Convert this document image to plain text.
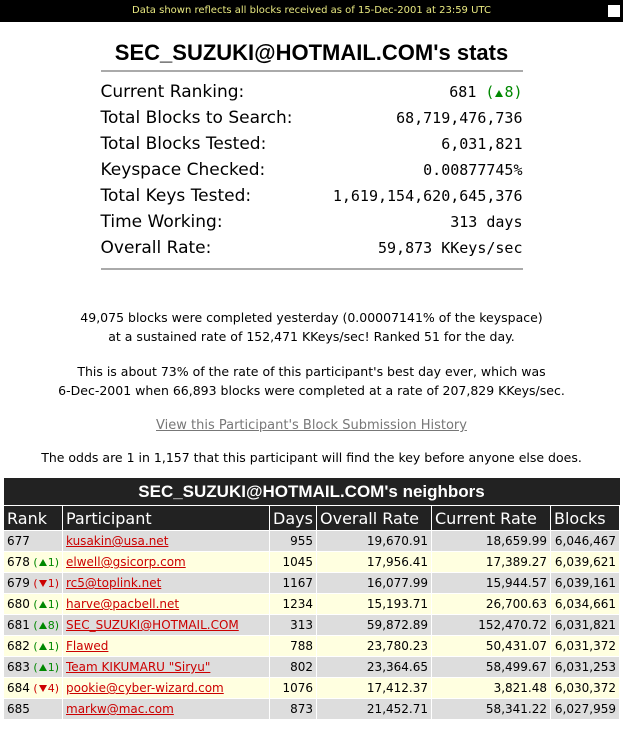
Data shown reflects all blocks received as of 15-Dec-2001 at 23:59 UTC
SEC_SUZUKI@HOTMAIL.COM's stats
Current Ranking:	681 ( 8)
Total Blocks to Search:	68,719,476,736
Total Blocks Tested:	6,031,821
Keyspace Checked:	0.00877745%
Total Keys Tested:	1,619,154,620,645,376
Time Working:	313 days
Overall Rate:	59,873 KKeys/sec
49,075 blocks were completed yesterday (0.00007141% of the keyspace)
at a sustained rate of 152,471 KKeys/sec! Ranked 51 for the day.
This is about 73% of the rate of this participant's best day ever, which was
6-Dec-2001 when 66,893 blocks were completed at a rate of 207,829 KKeys/sec.
View this Participant's Block Submission History
The odds are 1 in 1,157 that this participant will find the key before anyone else does.
SEC_SUZUKI@HOTMAIL.COM's neighbors					
Rank	Participant	Days	Overall Rate	Current Rate	Blocks
677	kusakin@usa.net	955	19,670.91	18,659.99	6,046,467
678 ( 1)	elwell@gsicorp.com	1045	17,956.41	17,389.27	6,039,621
679 ( 1)	rc5@toplink.net	1167	16,077.99	15,944.57	6,039,161
680 ( 1)	harve@pacbell.net	1234	15,193.71	26,700.63	6,034,661
681 ( 8)	SEC_SUZUKI@HOTMAIL.COM	313	59,872.89	152,470.72	6,031,821
682 ( 1)	Flawed	788	23,780.23	50,431.07	6,031,372
683 ( 1)	Team KIKUMARU "Siryu"	802	23,364.65	58,499.67	6,031,253
684 ( 4)	pookie@cyber-wizard.com	1076	17,412.37	3,821.48	6,030,372
685	markw@mac.com	873	21,452.71	58,341.22	6,027,959
